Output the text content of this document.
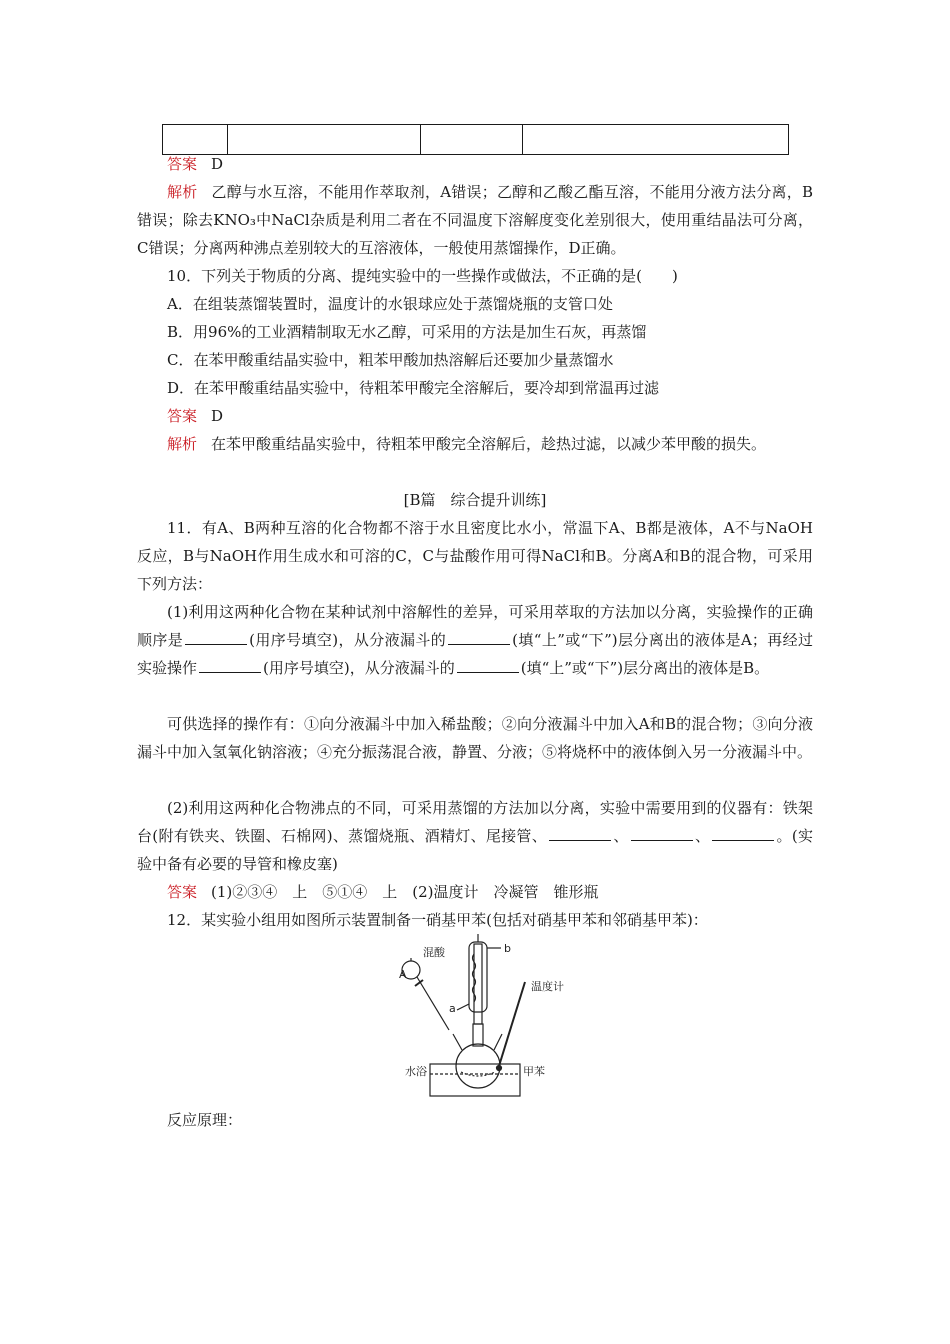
答案 D

解析 乙醇与水互溶，不能用作萃取剂，A错误；乙醇和乙酸乙酯互溶，不能用分液方法分离，B错误；除去KNO₃中NaCl杂质是利用二者在不同温度下溶解度变化差别很大，使用重结晶法可分离，C错误；分离两种沸点差别较大的互溶液体，一般使用蒸馏操作，D正确。

10．下列关于物质的分离、提纯实验中的一些操作或做法，不正确的是(　　)

A．在组装蒸馏装置时，温度计的水银球应处于蒸馏烧瓶的支管口处

B．用96%的工业酒精制取无水乙醇，可采用的方法是加生石灰，再蒸馏

C．在苯甲酸重结晶实验中，粗苯甲酸加热溶解后还要加少量蒸馏水

D．在苯甲酸重结晶实验中，待粗苯甲酸完全溶解后，要冷却到常温再过滤

答案 D

解析 在苯甲酸重结晶实验中，待粗苯甲酸完全溶解后，趁热过滤，以减少苯甲酸的损失。

[B篇　综合提升训练]

11．有A、B两种互溶的化合物都不溶于水且密度比水小，常温下A、B都是液体，A不与NaOH反应，B与NaOH作用生成水和可溶的C，C与盐酸作用可得NaCl和B。分离A和B的混合物，可采用下列方法：

(1)利用这两种化合物在某种试剂中溶解性的差异，可采用萃取的方法加以分离，实验操作的正确顺序是	(用序号填空)，从分液漏斗的	(填“上”或“下”)层分离出的液体是A；再经过实验操作	(用序号填空)，从分液漏斗的	(填“上”或“下”)层分离出的液体是B。

可供选择的操作有：①向分液漏斗中加入稀盐酸；②向分液漏斗中加入A和B的混合物；③向分液漏斗中加入氢氧化钠溶液；④充分振荡混合液，静置、分液；⑤将烧杯中的液体倒入另一分液漏斗中。

(2)利用这两种化合物沸点的不同，可采用蒸馏的方法加以分离，实验中需要用到的仪器有：铁架台(附有铁夹、铁圈、石棉网)、蒸馏烧瓶、酒精灯、尾接管、	、	、	。(实验中备有必要的导管和橡皮塞)

答案 (1)②③④　上　⑤①④　上　(2)温度计　冷凝管　锥形瓶

12．某实验小组用如图所示装置制备一硝基甲苯(包括对硝基甲苯和邻硝基甲苯)：

b
a
A
混酸
温度计
水浴	甲苯

反应原理：
